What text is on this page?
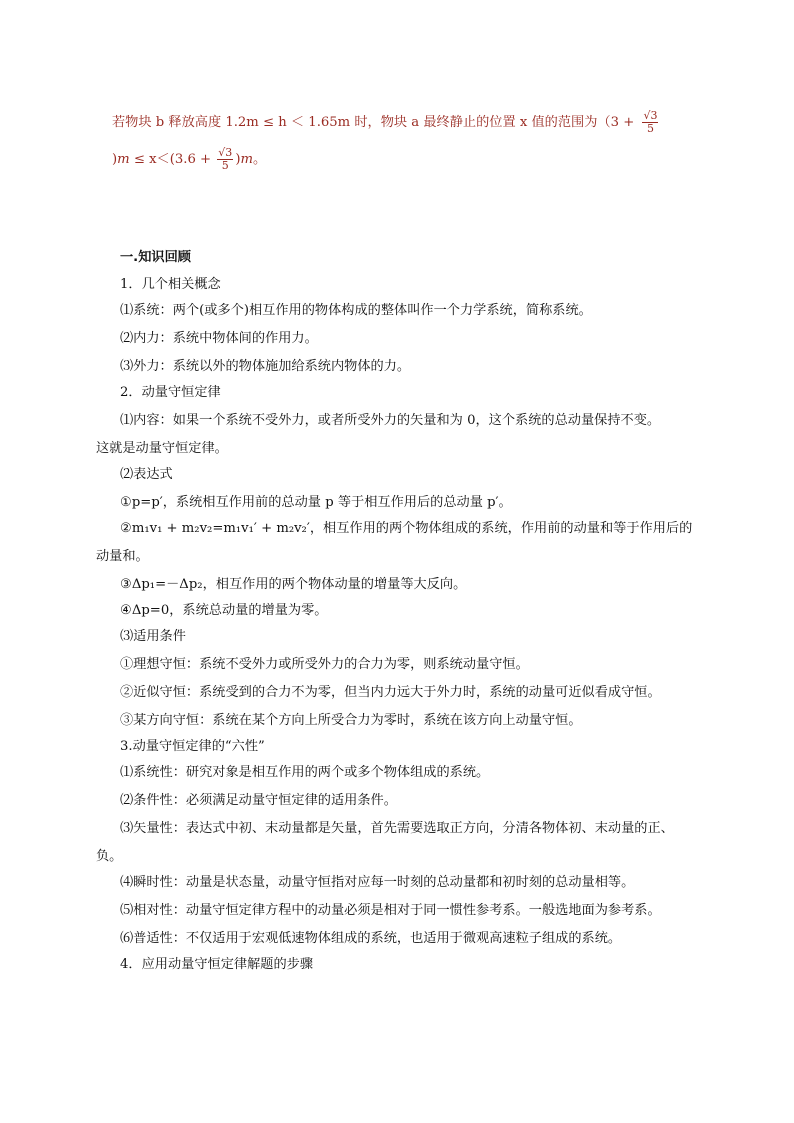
若物块 b 释放高度 1.2m ≤ h ＜ 1.65m 时，物块 a 最终静止的位置 x 值的范围为（$3 + \frac{√3}{5}$
)$m \le x<(3.6 + \frac{√3}{5} )m$。
一.知识回顾
1．几个相关概念
⑴系统：两个(或多个)相互作用的物体构成的整体叫作一个力学系统，简称系统。
⑵内力：系统中物体间的作用力。
⑶外力：系统以外的物体施加给系统内物体的力。
2．动量守恒定律
⑴内容：如果一个系统不受外力，或者所受外力的矢量和为 0，这个系统的总动量保持不变。
这就是动量守恒定律。
⑵表达式
①p=p′，系统相互作用前的总动量 p 等于相互作用后的总动量 p′。
②m₁v₁ + m₂v₂=m₁v₁′ + m₂v₂′，相互作用的两个物体组成的系统，作用前的动量和等于作用后的
动量和。
③Δp₁=－Δp₂，相互作用的两个物体动量的增量等大反向。
④Δp=0，系统总动量的增量为零。
⑶适用条件
①理想守恒：系统不受外力或所受外力的合力为零，则系统动量守恒。
②近似守恒：系统受到的合力不为零，但当内力远大于外力时，系统的动量可近似看成守恒。
③某方向守恒：系统在某个方向上所受合力为零时，系统在该方向上动量守恒。
3.动量守恒定律的“六性”
⑴系统性：研究对象是相互作用的两个或多个物体组成的系统。
⑵条件性：必须满足动量守恒定律的适用条件。
⑶矢量性：表达式中初、末动量都是矢量，首先需要选取正方向，分清各物体初、末动量的正、
负。
⑷瞬时性：动量是状态量，动量守恒指对应每一时刻的总动量都和初时刻的总动量相等。
⑸相对性：动量守恒定律方程中的动量必须是相对于同一惯性参考系。一般选地面为参考系。
⑹普适性：不仅适用于宏观低速物体组成的系统，也适用于微观高速粒子组成的系统。
4．应用动量守恒定律解题的步骤
